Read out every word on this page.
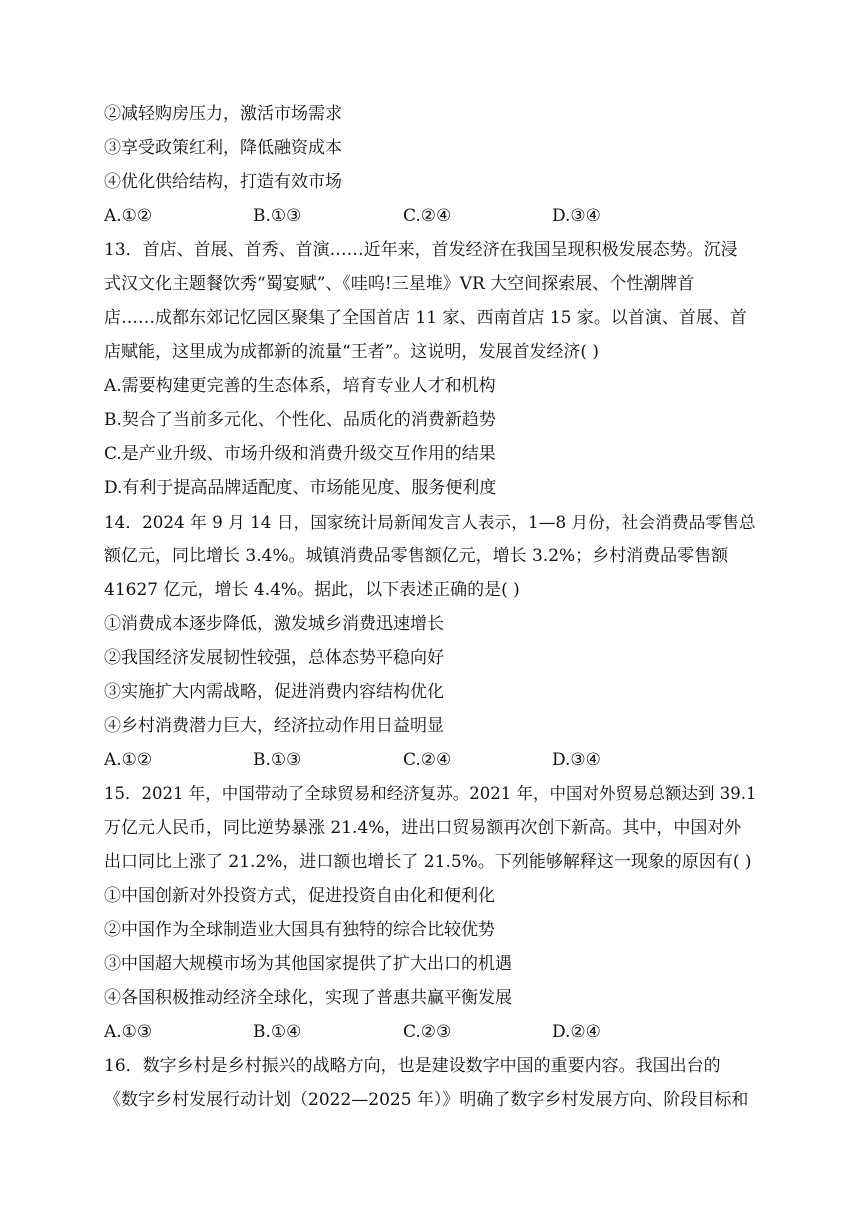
②减轻购房压力，激活市场需求
③享受政策红利，降低融资成本
④优化供给结构，打造有效市场
A.①②	B.①③	C.②④	D.③④
13．首店、首展、首秀、首演……近年来，首发经济在我国呈现积极发展态势。沉浸
式汉文化主题餐饮秀“蜀宴赋”、《哇呜!三星堆》VR 大空间探索展、个性潮牌首
店……成都东郊记忆园区聚集了全国首店 11 家、西南首店 15 家。以首演、首展、首
店赋能，这里成为成都新的流量“王者”。这说明，发展首发经济( )
A.需要构建更完善的生态体系，培育专业人才和机构
B.契合了当前多元化、个性化、品质化的消费新趋势
C.是产业升级、市场升级和消费升级交互作用的结果
D.有利于提高品牌适配度、市场能见度、服务便利度
14．2024 年 9 月 14 日，国家统计局新闻发言人表示，1—8 月份，社会消费品零售总
额亿元，同比增长 3.4%。城镇消费品零售额亿元，增长 3.2%；乡村消费品零售额
41627 亿元，增长 4.4%。据此，以下表述正确的是( )
①消费成本逐步降低，激发城乡消费迅速增长
②我国经济发展韧性较强，总体态势平稳向好
③实施扩大内需战略，促进消费内容结构优化
④乡村消费潜力巨大，经济拉动作用日益明显
A.①②	B.①③	C.②④	D.③④
15．2021 年，中国带动了全球贸易和经济复苏。2021 年，中国对外贸易总额达到 39.1
万亿元人民币，同比逆势暴涨 21.4%，进出口贸易额再次创下新高。其中，中国对外
出口同比上涨了 21.2%，进口额也增长了 21.5%。下列能够解释这一现象的原因有( )
①中国创新对外投资方式，促进投资自由化和便利化
②中国作为全球制造业大国具有独特的综合比较优势
③中国超大规模市场为其他国家提供了扩大出口的机遇
④各国积极推动经济全球化，实现了普惠共赢平衡发展
A.①③	B.①④	C.②③	D.②④
16．数字乡村是乡村振兴的战略方向，也是建设数字中国的重要内容。我国出台的
《数字乡村发展行动计划（2022—2025 年）》明确了数字乡村发展方向、阶段目标和
